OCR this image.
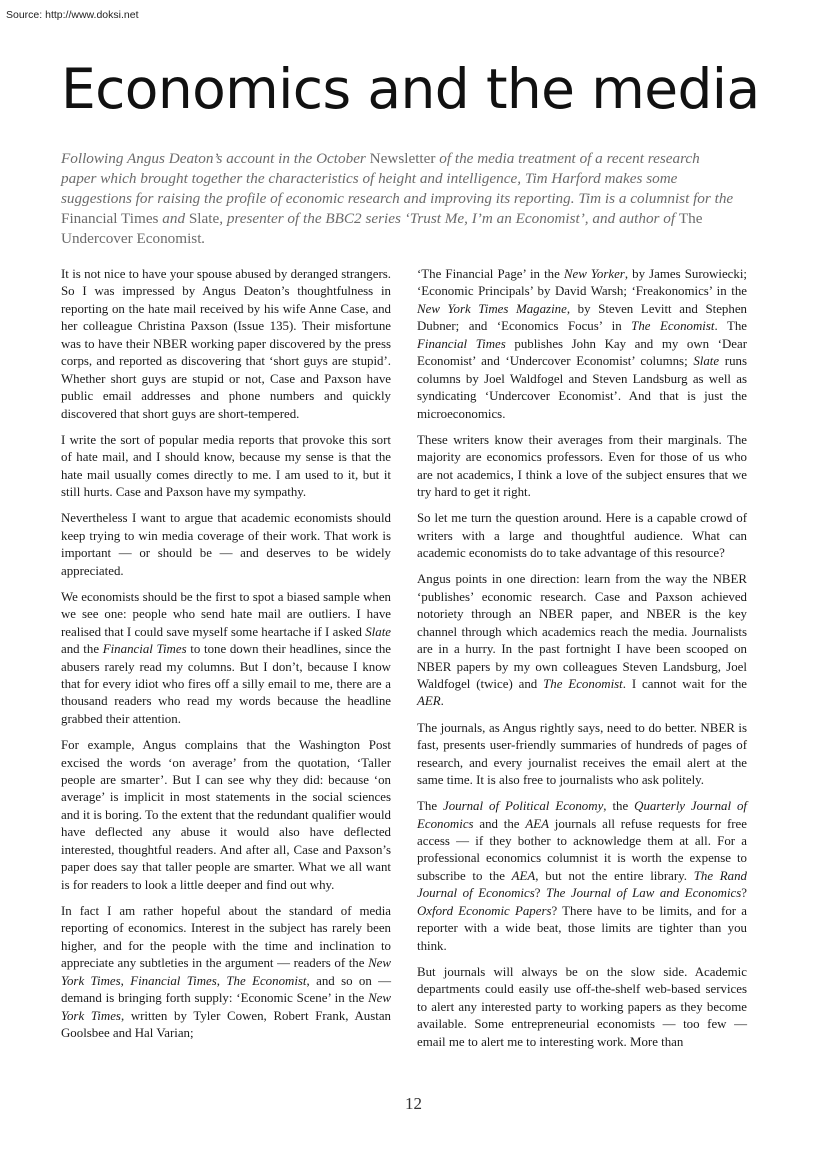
Source: http://www.doksi.net
Economics and the media
Following Angus Deaton’s account in the October Newsletter of the media treatment of a recent research paper which brought together the characteristics of height and intelligence, Tim Harford makes some suggestions for raising the profile of economic research and improving its reporting. Tim is a columnist for the Financial Times and Slate, presenter of the BBC2 series ‘Trust Me, I’m an Economist’, and author of The Undercover Economist.

It is not nice to have your spouse abused by deranged strangers. So I was impressed by Angus Deaton’s thoughtfulness in reporting on the hate mail received by his wife Anne Case, and her colleague Christina Paxson (Issue 135). Their misfortune was to have their NBER working paper discovered by the press corps, and reported as discovering that ‘short guys are stupid’. Whether short guys are stupid or not, Case and Paxson have public email addresses and phone numbers and quickly discovered that short guys are short-tempered.

I write the sort of popular media reports that provoke this sort of hate mail, and I should know, because my sense is that the hate mail usually comes directly to me. I am used to it, but it still hurts. Case and Paxson have my sympathy.

Nevertheless I want to argue that academic economists should keep trying to win media coverage of their work. That work is important — or should be — and deserves to be widely appreciated.

We economists should be the first to spot a biased sample when we see one: people who send hate mail are outliers. I have realised that I could save myself some heartache if I asked Slate and the Financial Times to tone down their headlines, since the abusers rarely read my columns. But I don’t, because I know that for every idiot who fires off a silly email to me, there are a thousand readers who read my words because the headline grabbed their attention.

For example, Angus complains that the Washington Post excised the words ‘on average’ from the quotation, ‘Taller people are smarter’. But I can see why they did: because ‘on average’ is implicit in most statements in the social sciences and it is boring. To the extent that the redundant qualifier would have deflected any abuse it would also have deflected interested, thoughtful readers. And after all, Case and Paxson’s paper does say that taller people are smarter. What we all want is for readers to look a little deeper and find out why.

In fact I am rather hopeful about the standard of media reporting of economics. Interest in the subject has rarely been higher, and for the people with the time and inclination to appreciate any subtleties in the argument — readers of the New York Times, Financial Times, The Economist, and so on — demand is bringing forth supply: ‘Economic Scene’ in the New York Times, written by Tyler Cowen, Robert Frank, Austan Goolsbee and Hal Varian;

‘The Financial Page’ in the New Yorker, by James Surowiecki; ‘Economic Principals’ by David Warsh; ‘Freakonomics’ in the New York Times Magazine, by Steven Levitt and Stephen Dubner; and ‘Economics Focus’ in The Economist. The Financial Times publishes John Kay and my own ‘Dear Economist’ and ‘Undercover Economist’ columns; Slate runs columns by Joel Waldfogel and Steven Landsburg as well as syndicating ‘Undercover Economist’. And that is just the microeconomics.

These writers know their averages from their marginals. The majority are economics professors. Even for those of us who are not academics, I think a love of the subject ensures that we try hard to get it right.

So let me turn the question around. Here is a capable crowd of writers with a large and thoughtful audience. What can academic economists do to take advantage of this resource?

Angus points in one direction: learn from the way the NBER ‘publishes’ economic research. Case and Paxson achieved notoriety through an NBER paper, and NBER is the key channel through which academics reach the media. Journalists are in a hurry. In the past fortnight I have been scooped on NBER papers by my own colleagues Steven Landsburg, Joel Waldfogel (twice) and The Economist. I cannot wait for the AER.

The journals, as Angus rightly says, need to do better. NBER is fast, presents user-friendly summaries of hundreds of pages of research, and every journalist receives the email alert at the same time. It is also free to journalists who ask politely.

The Journal of Political Economy, the Quarterly Journal of Economics and the AEA journals all refuse requests for free access — if they bother to acknowledge them at all. For a professional economics columnist it is worth the expense to subscribe to the AEA, but not the entire library. The Rand Journal of Economics? The Journal of Law and Economics? Oxford Economic Papers? There have to be limits, and for a reporter with a wide beat, those limits are tighter than you think.

But journals will always be on the slow side. Academic departments could easily use off-the-shelf web-based services to alert any interested party to working papers as they become available. Some entrepreneurial economists — too few — email me to alert me to interesting work. More than

12
